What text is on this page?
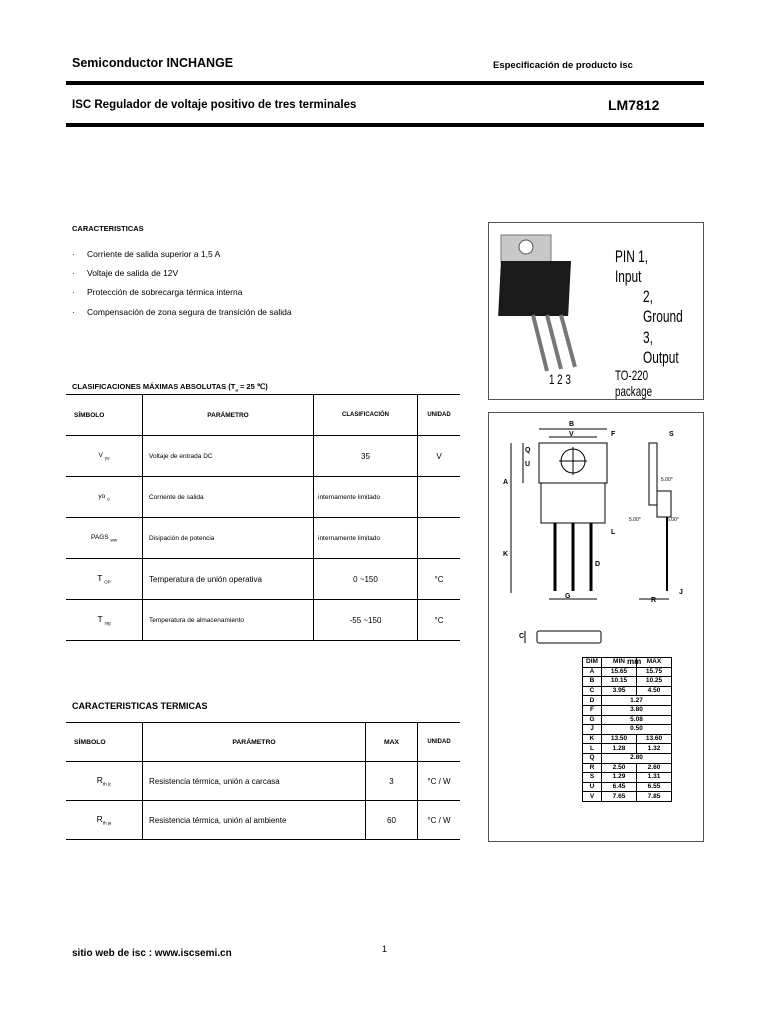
Semiconductor INCHANGE	Especificación de producto isc
ISC Regulador de voltaje positivo de tres terminales	LM7812
CARACTERISTICAS
· Corriente de salida superior a 1,5 A
· Voltaje de salida de 12V
· Protección de sobrecarga térmica interna
· Compensación de zona segura de transición de salida
CLASIFICACIONES MÁXIMAS ABSOLUTAS ($T_a = 25$ ℃)
SÍMBOLO	PARÁMETRO	CLASIFICACIÓN	UNIDAD
V $_{yo}$	Voltaje de entrada DC	35	V
yo $_o$	Corriente de salida	internamente limitado	
PAGS $_{ww}$	Disipación de potencia	internamente limitado	
T $_{OP}$	Temperatura de unión operativa	0 ~150	°C
T $_{stg}$	Temperatura de almacenamiento	-55 ~150	°C
CARACTERISTICAS TERMICAS
SÍMBOLO	PARÁMETRO	MAX	UNIDAD
$R_{th jc}$	Resistencia térmica, unión a carcasa	3	°C / W
$R_{th ja}$	Resistencia térmica, unión al ambiente	60	°C / W
PIN 1, Input
2, Ground
3, Output
TO-220 package
1 2 3
B
V	F	S
Q
U
A
L
K
D
G
R
J
C
5.00°
5.00°	5.00°
mm
DIM	MIN	MAX
A	15.65	15.75
B	10.15	10.25
C	3.95	4.50
D	1.27	
F	3.80	
G	5.08	
J	0.50	
K	13.50	13.60
L	1.28	1.32
Q	2.80	
R	2.50	2.60
S	1.29	1.31
U	6.45	6.55
V	7.65	7.85
sitio web de isc : www.iscsemi.cn	1
